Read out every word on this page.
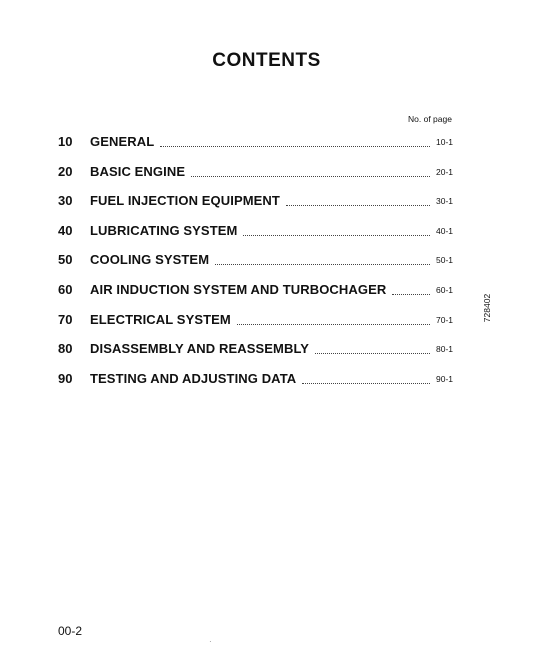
CONTENTS
No. of page
10	GENERAL	10-1
20	BASIC ENGINE	20-1
30	FUEL INJECTION EQUIPMENT	30-1
40	LUBRICATING SYSTEM	40-1
50	COOLING SYSTEM	50-1
60	AIR INDUCTION SYSTEM AND TURBOCHAGER	60-1
70	ELECTRICAL SYSTEM	70-1
80	DISASSEMBLY AND REASSEMBLY	80-1
90	TESTING AND ADJUSTING DATA	90-1
728402
00-2
·
